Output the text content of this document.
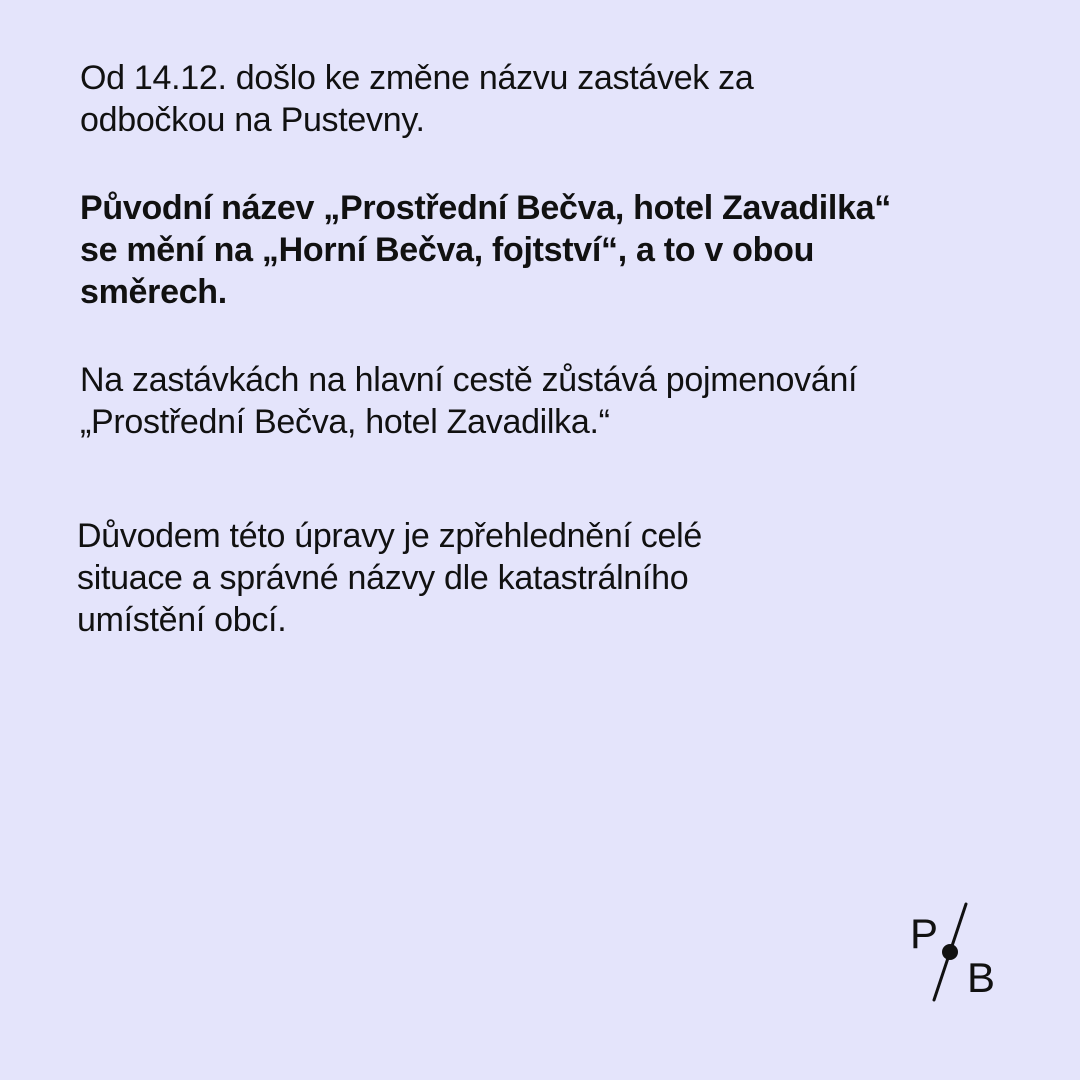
Od 14.12. došlo ke změne názvu zastávek za
odbočkou na Pustevny.

Původní název „Prostřední Bečva, hotel Zavadilka“
se mění na „Horní Bečva, fojtství“, a to v obou
směrech.

Na zastávkách na hlavní cestě zůstává pojmenování
„Prostřední Bečva, hotel Zavadilka.“

Důvodem této úpravy je zpřehlednění celé
situace a správné názvy dle katastrálního
umístění obcí.

P
B
